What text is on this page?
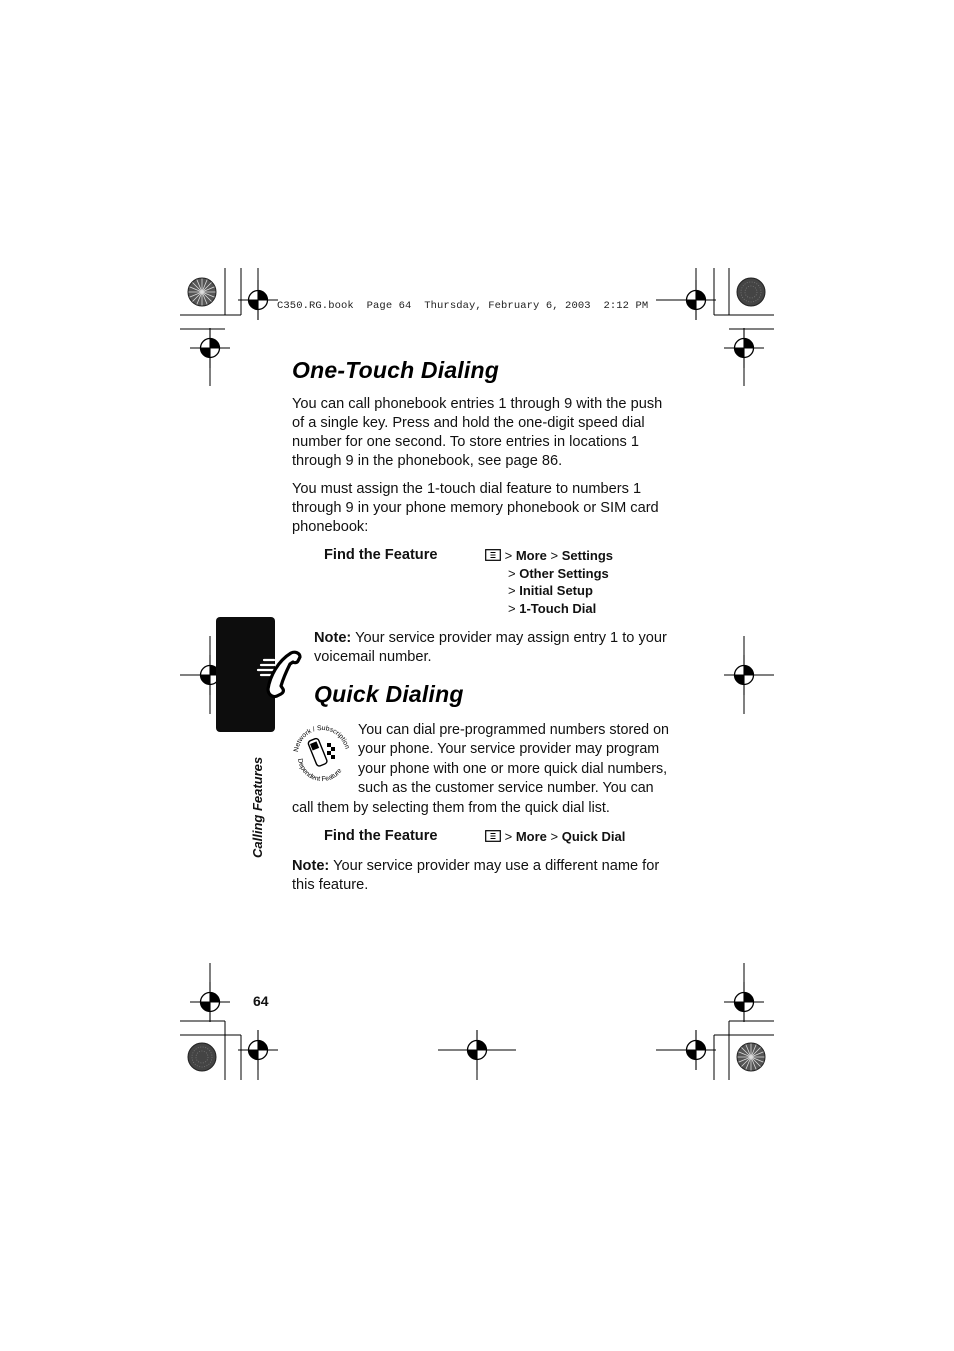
C350.RG.book  Page 64  Thursday, February 6, 2003  2:12 PM
Calling Features
One-Touch Dialing

You can call phonebook entries 1 through 9 with the push of a single key. Press and hold the one-digit speed dial number for one second. To store entries in locations 1 through 9 in the phonebook, see page 86.

You must assign the 1-touch dial feature to numbers 1 through 9 in your phone memory phonebook or SIM card phonebook:

Find the Feature	> More > Settings
> Other Settings
> Initial Setup
> 1-Touch Dial

Note: Your service provider may assign entry 1 to your voicemail number.

Quick Dialing
Network / Subscription
Dependent Feature

You can dial pre-programmed numbers stored on your phone. Your service provider may program your phone with one or more quick dial numbers, such as the customer service number. You can call them by selecting them from the quick dial list.

Find the Feature	> More > Quick Dial

Note: Your service provider may use a different name for this feature.

64
